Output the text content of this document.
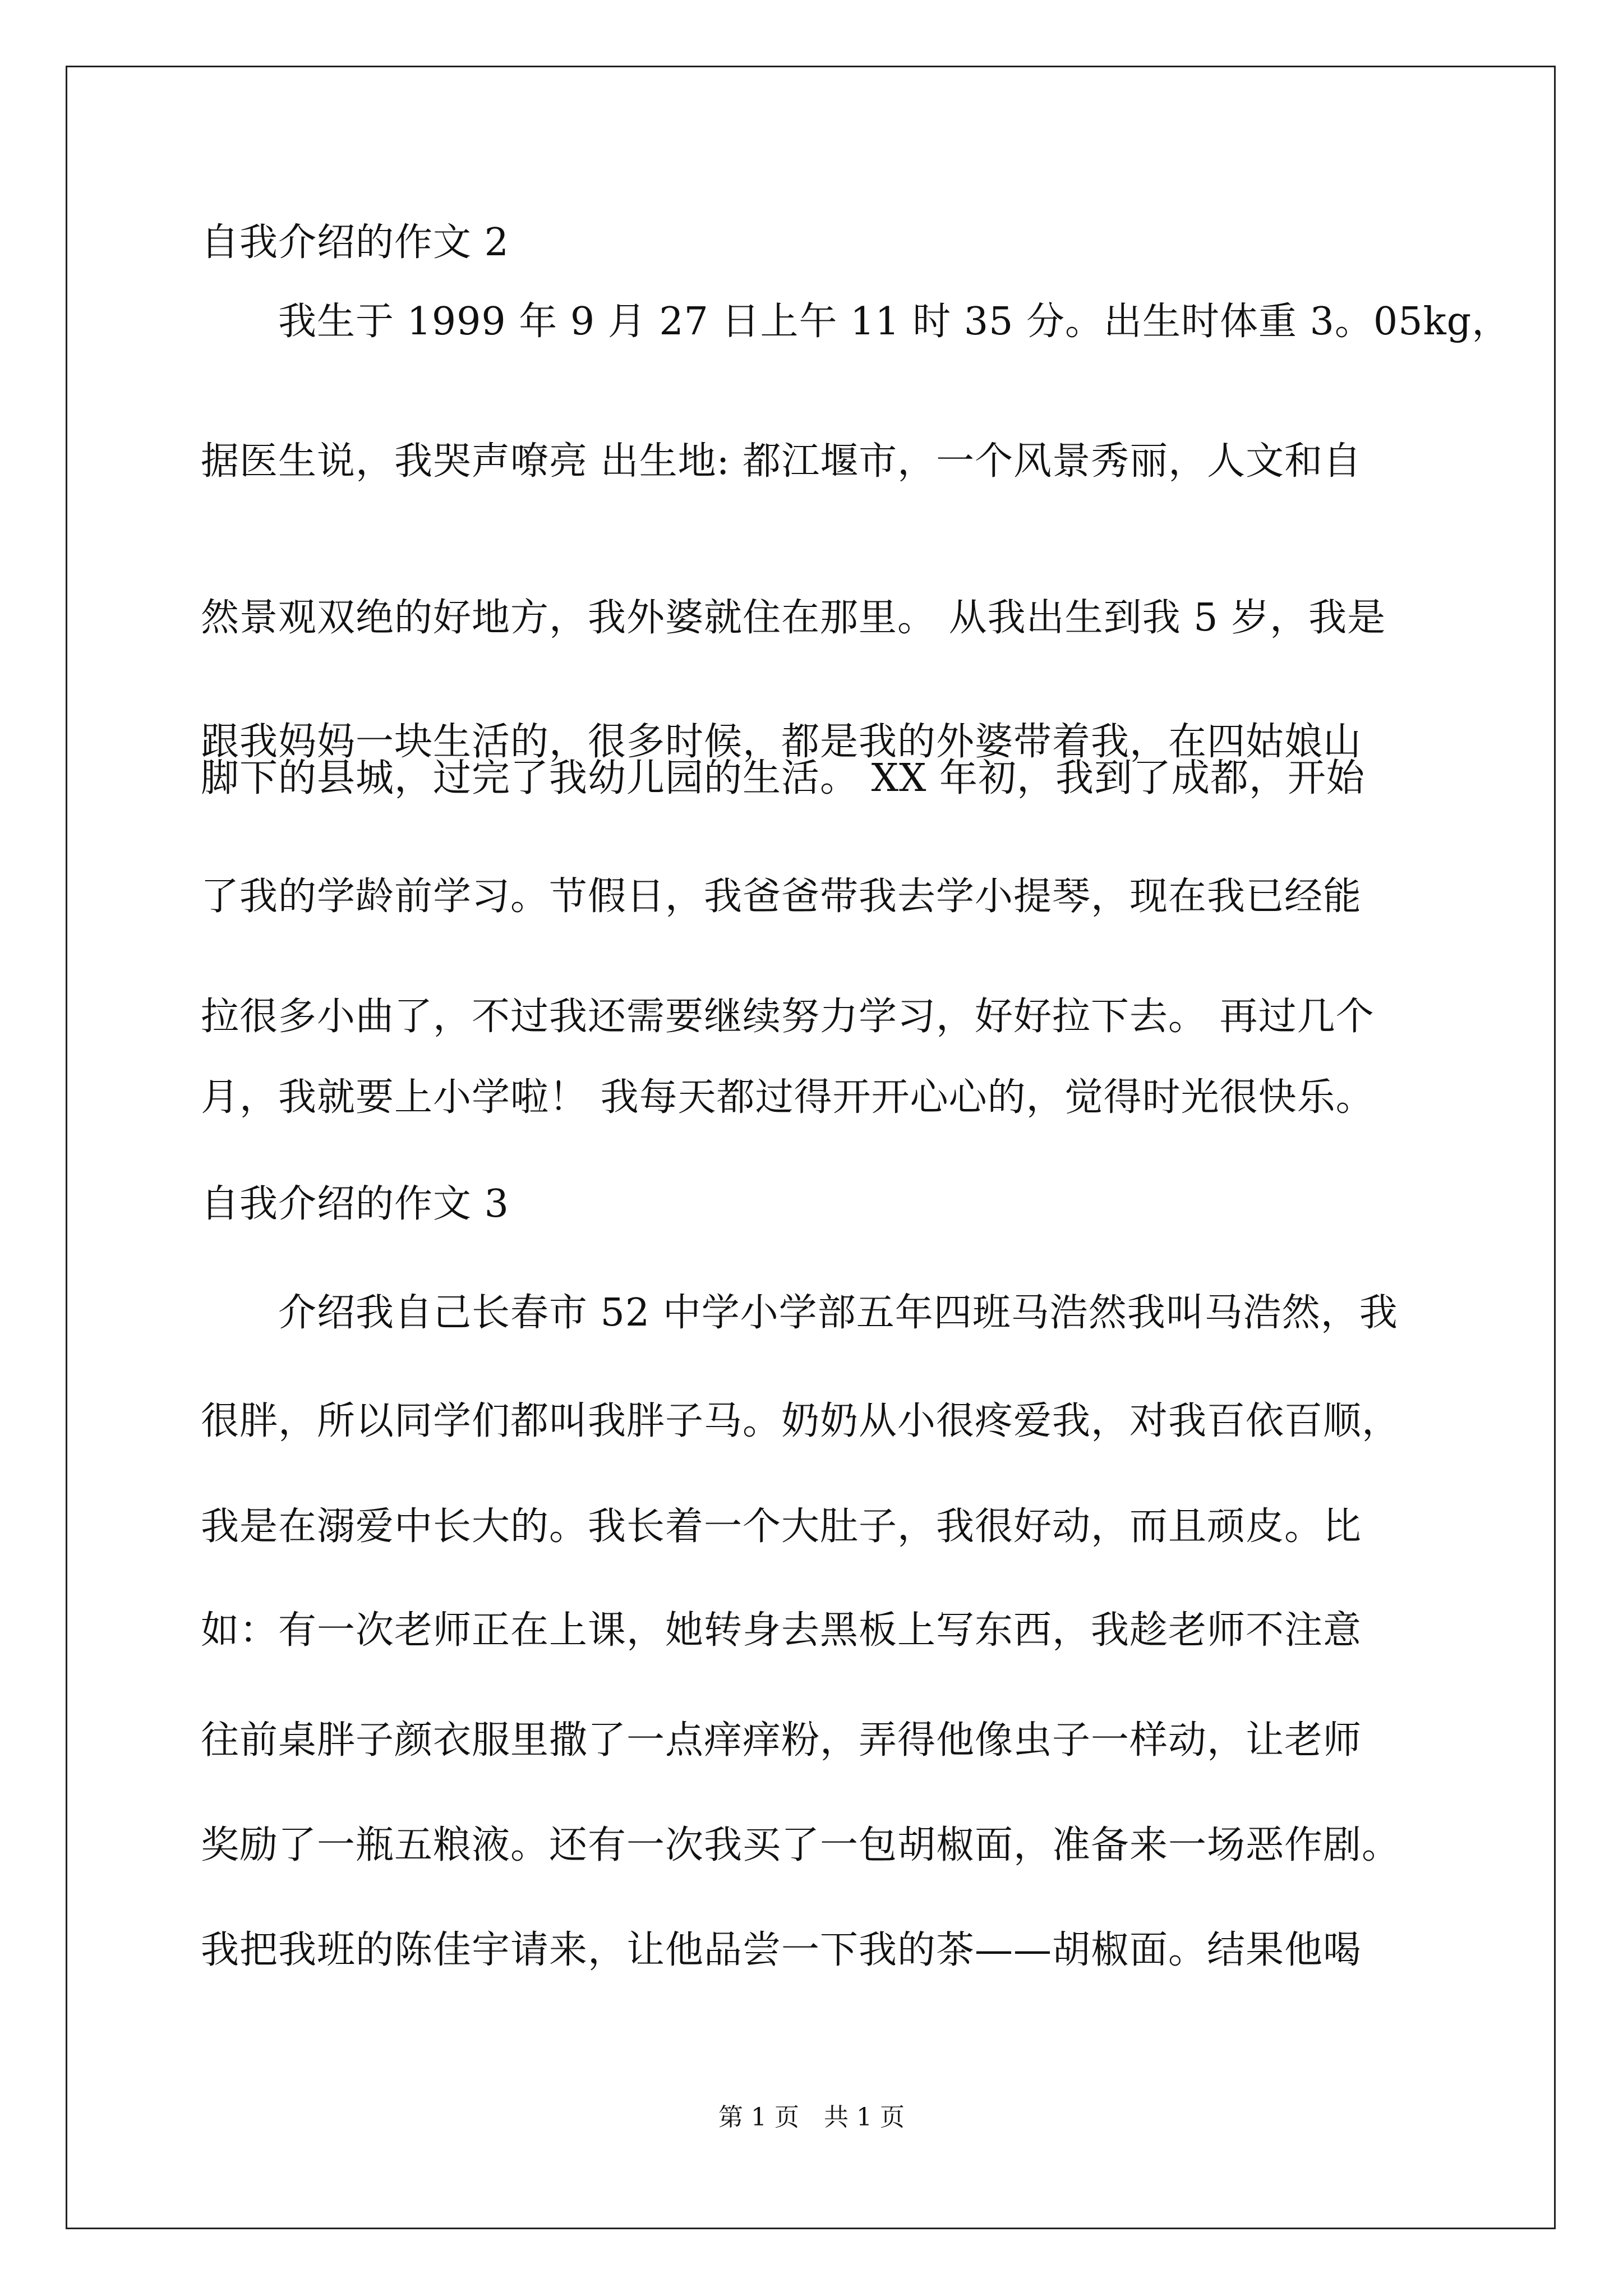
自我介绍的作文 2

　　我生于 1999 年 9 月 27 日上午 11 时 35 分。出生时体重 3。05kg，

据医生说，我哭声嘹亮 出生地: 都江堰市，一个风景秀丽，人文和自

然景观双绝的好地方，我外婆就住在那里。 从我出生到我 5 岁，我是

跟我妈妈一块生活的，很多时候，都是我的外婆带着我，在四姑娘山

脚下的县城，过完了我幼儿园的生活。 XX 年初，我到了成都，开始

了我的学龄前学习。节假日，我爸爸带我去学小提琴，现在我已经能

拉很多小曲了，不过我还需要继续努力学习，好好拉下去。 再过几个

月，我就要上小学啦！ 我每天都过得开开心心的，觉得时光很快乐。

自我介绍的作文 3

　　介绍我自己长春市 52 中学小学部五年四班马浩然我叫马浩然，我

很胖，所以同学们都叫我胖子马。奶奶从小很疼爱我，对我百依百顺，

我是在溺爱中长大的。我长着一个大肚子，我很好动，而且顽皮。比

如：有一次老师正在上课，她转身去黑板上写东西，我趁老师不注意

往前桌胖子颜衣服里撒了一点痒痒粉，弄得他像虫子一样动，让老师

奖励了一瓶五粮液。还有一次我买了一包胡椒面，准备来一场恶作剧。

我把我班的陈佳宇请来，让他品尝一下我的茶——胡椒面。结果他喝

第 1 页　共 1 页
